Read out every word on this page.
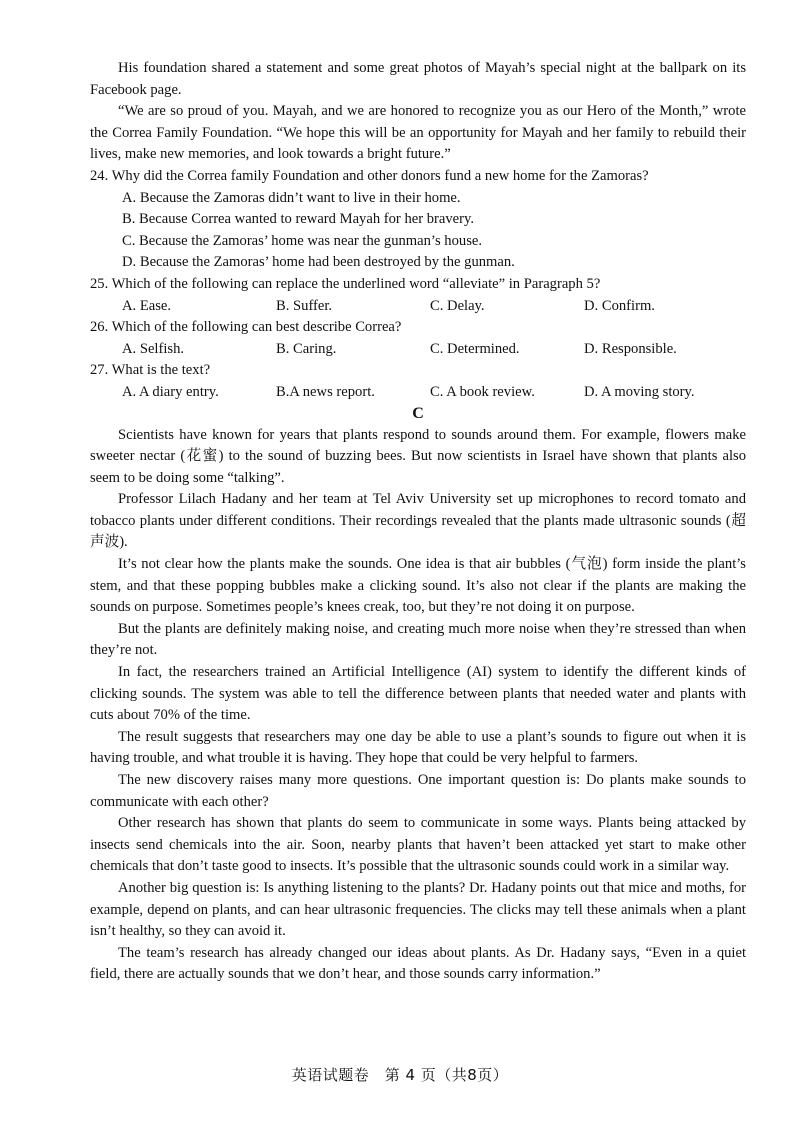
His foundation shared a statement and some great photos of Mayah’s special night at the ballpark on its Facebook page.

“We are so proud of you. Mayah, and we are honored to recognize you as our Hero of the Month,” wrote the Correa Family Foundation. “We hope this will be an opportunity for Mayah and her family to rebuild their lives, make new memories, and look towards a bright future.”

24. Why did the Correa family Foundation and other donors fund a new home for the Zamoras?

A. Because the Zamoras didn’t want to live in their home.

B. Because Correa wanted to reward Mayah for her bravery.

C. Because the Zamoras’ home was near the gunman’s house.

D. Because the Zamoras’ home had been destroyed by the gunman.

25. Which of the following can replace the underlined word “alleviate” in Paragraph 5?

A. Ease.	B. Suffer.	C. Delay.	D. Confirm.

26. Which of the following can best describe Correa?

A. Selfish.	B. Caring.	C. Determined.	D. Responsible.

27. What is the text?

A. A diary entry.	B.A news report.	C. A book review.	D. A moving story.
C

Scientists have known for years that plants respond to sounds around them. For example, flowers make sweeter nectar (花蜜) to the sound of buzzing bees. But now scientists in Israel have shown that plants also seem to be doing some “talking”.

Professor Lilach Hadany and her team at Tel Aviv University set up microphones to record tomato and tobacco plants under different conditions. Their recordings revealed that the plants made ultrasonic sounds (超声波).

It’s not clear how the plants make the sounds. One idea is that air bubbles (气泡) form inside the plant’s stem, and that these popping bubbles make a clicking sound. It’s also not clear if the plants are making the sounds on purpose. Sometimes people’s knees creak, too, but they’re not doing it on purpose.

But the plants are definitely making noise, and creating much more noise when they’re stressed than when they’re not.

In fact, the researchers trained an Artificial Intelligence (AI) system to identify the different kinds of clicking sounds. The system was able to tell the difference between plants that needed water and plants with cuts about 70% of the time.

The result suggests that researchers may one day be able to use a plant’s sounds to figure out when it is having trouble, and what trouble it is having. They hope that could be very helpful to farmers.

The new discovery raises many more questions. One important question is: Do plants make sounds to communicate with each other?

Other research has shown that plants do seem to communicate in some ways. Plants being attacked by insects send chemicals into the air. Soon, nearby plants that haven’t been attacked yet start to make other chemicals that don’t taste good to insects. It’s possible that the ultrasonic sounds could work in a similar way.

Another big question is: Is anything listening to the plants? Dr. Hadany points out that mice and moths, for example, depend on plants, and can hear ultrasonic frequencies. The clicks may tell these animals when a plant isn’t healthy, so they can avoid it.

The team’s research has already changed our ideas about plants. As Dr. Hadany says, “Even in a quiet field, there are actually sounds that we don’t hear, and those sounds carry information.”

英语试题卷　第 4 页（共8页）
